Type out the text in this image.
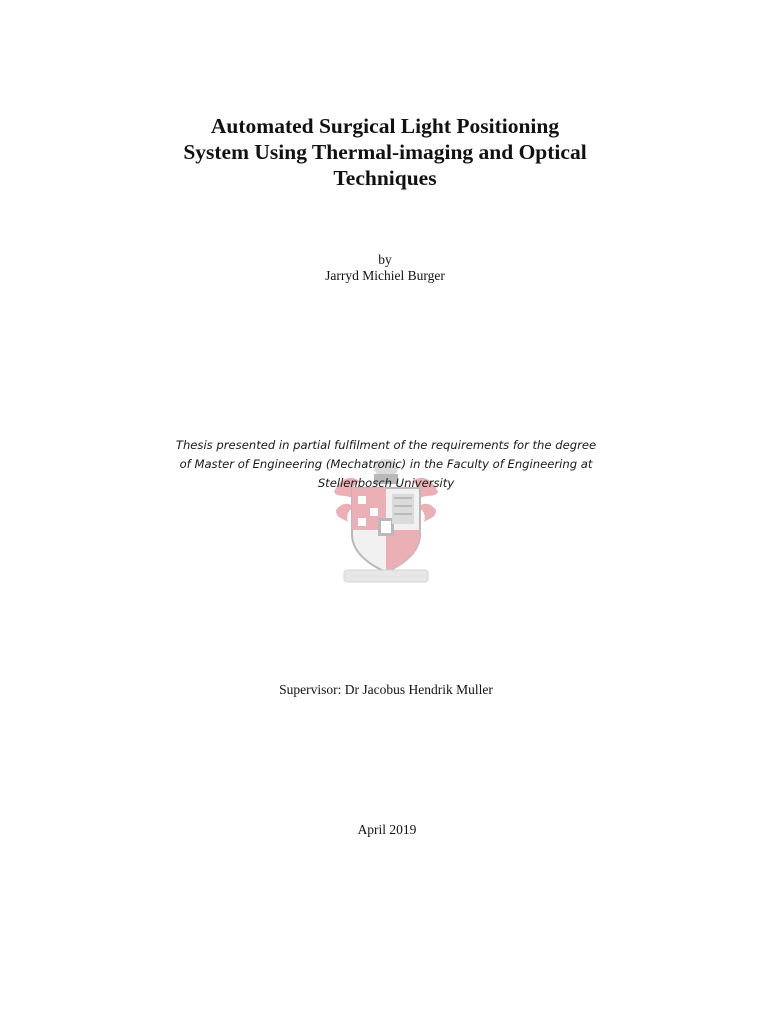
Automated Surgical Light Positioning
System Using Thermal-imaging and Optical
Techniques
by
Jarryd Michiel Burger
Thesis presented in partial fulfilment of the requirements for the degree
of Master of Engineering (Mechatronic) in the Faculty of Engineering at
Stellenbosch University
Supervisor: Dr Jacobus Hendrik Muller
April 2019
